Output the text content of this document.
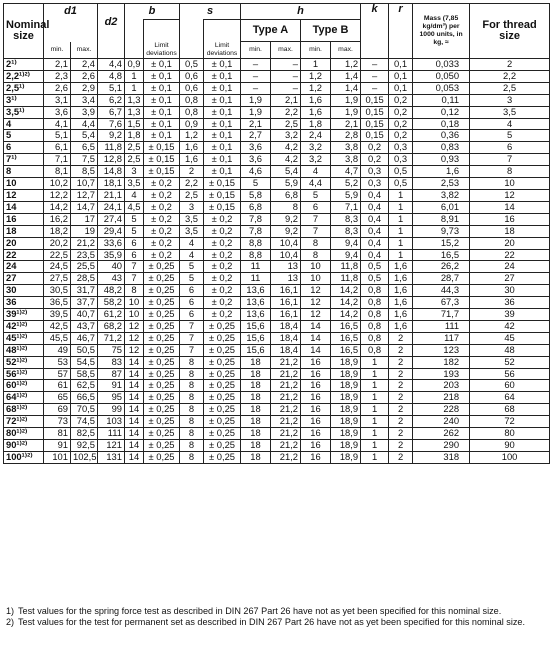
Nominal size	d1		d2	b		s		h				k	r	Mass (7,85 kg/dm³) per 1000 units, in kg, ≈	For thread size
					Limit deviations		Limit deviations	Type A		Type B					
	min.	max.						min.	max.	min.	max.				
2¹⁾	2,1	2,4	4,4	0,9	± 0,1	0,5	± 0,1	–	–	1	1,2	–	0,1	0,033	2
2,2¹⁾²⁾	2,3	2,6	4,8	1	± 0,1	0,6	± 0,1	–	–	1,2	1,4	–	0,1	0,050	2,2
2,5¹⁾	2,6	2,9	5,1	1	± 0,1	0,6	± 0,1	–	–	1,2	1,4	–	0,1	0,053	2,5
3¹⁾	3,1	3,4	6,2	1,3	± 0,1	0,8	± 0,1	1,9	2,1	1,6	1,9	0,15	0,2	0,11	3
3,5¹⁾	3,6	3,9	6,7	1,3	± 0,1	0,8	± 0,1	1,9	2,2	1,6	1,9	0,15	0,2	0,12	3,5
4	4,1	4,4	7,6	1,5	± 0,1	0,9	± 0,1	2,1	2,5	1,8	2,1	0,15	0,2	0,18	4
5	5,1	5,4	9,2	1,8	± 0,1	1,2	± 0,1	2,7	3,2	2,4	2,8	0,15	0,2	0,36	5
6	6,1	6,5	11,8	2,5	± 0,15	1,6	± 0,1	3,6	4,2	3,2	3,8	0,2	0,3	0,83	6
7¹⁾	7,1	7,5	12,8	2,5	± 0,15	1,6	± 0,1	3,6	4,2	3,2	3,8	0,2	0,3	0,93	7
8	8,1	8,5	14,8	3	± 0,15	2	± 0,1	4,6	5,4	4	4,7	0,3	0,5	1,6	8
10	10,2	10,7	18,1	3,5	± 0,2	2,2	± 0,15	5	5,9	4,4	5,2	0,3	0,5	2,53	10
12	12,2	12,7	21,1	4	± 0,2	2,5	± 0,15	5,8	6,8	5	5,9	0,4	1	3,82	12
14	14,2	14,7	24,1	4,5	± 0,2	3	± 0,15	6,8	8	6	7,1	0,4	1	6,01	14
16	16,2	17	27,4	5	± 0,2	3,5	± 0,2	7,8	9,2	7	8,3	0,4	1	8,91	16
18	18,2	19	29,4	5	± 0,2	3,5	± 0,2	7,8	9,2	7	8,3	0,4	1	9,73	18
20	20,2	21,2	33,6	6	± 0,2	4	± 0,2	8,8	10,4	8	9,4	0,4	1	15,2	20
22	22,5	23,5	35,9	6	± 0,2	4	± 0,2	8,8	10,4	8	9,4	0,4	1	16,5	22
24	24,5	25,5	40	7	± 0,25	5	± 0,2	11	13	10	11,8	0,5	1,6	26,2	24
27	27,5	28,5	43	7	± 0,25	5	± 0,2	11	13	10	11,8	0,5	1,6	28,7	27
30	30,5	31,7	48,2	8	± 0,25	6	± 0,2	13,6	16,1	12	14,2	0,8	1,6	44,3	30
36	36,5	37,7	58,2	10	± 0,25	6	± 0,2	13,6	16,1	12	14,2	0,8	1,6	67,3	36
39¹⁾²⁾	39,5	40,7	61,2	10	± 0,25	6	± 0,2	13,6	16,1	12	14,2	0,8	1,6	71,7	39
42¹⁾²⁾	42,5	43,7	68,2	12	± 0,25	7	± 0,25	15,6	18,4	14	16,5	0,8	1,6	111	42
45¹⁾²⁾	45,5	46,7	71,2	12	± 0,25	7	± 0,25	15,6	18,4	14	16,5	0,8	2	117	45
48¹⁾²⁾	49	50,5	75	12	± 0,25	7	± 0,25	15,6	18,4	14	16,5	0,8	2	123	48
52¹⁾²⁾	53	54,5	83	14	± 0,25	8	± 0,25	18	21,2	16	18,9	1	2	182	52
56¹⁾²⁾	57	58,5	87	14	± 0,25	8	± 0,25	18	21,2	16	18,9	1	2	193	56
60¹⁾²⁾	61	62,5	91	14	± 0,25	8	± 0,25	18	21,2	16	18,9	1	2	203	60
64¹⁾²⁾	65	66,5	95	14	± 0,25	8	± 0,25	18	21,2	16	18,9	1	2	218	64
68¹⁾²⁾	69	70,5	99	14	± 0,25	8	± 0,25	18	21,2	16	18,9	1	2	228	68
72¹⁾²⁾	73	74,5	103	14	± 0,25	8	± 0,25	18	21,2	16	18,9	1	2	240	72
80¹⁾²⁾	81	82,5	111	14	± 0,25	8	± 0,25	18	21,2	16	18,9	1	2	262	80
90¹⁾²⁾	91	92,5	121	14	± 0,25	8	± 0,25	18	21,2	16	18,9	1	2	290	90
100¹⁾²⁾	101	102,5	131	14	± 0,25	8	± 0,25	18	21,2	16	18,9	1	2	318	100
1) Test values for the spring force test as described in DIN 267 Part 26 have not as yet been specified for this nominal size.
2) Test values for the test for permanent set as described in DIN 267 Part 26 have not as yet been specified for this nominal size.
